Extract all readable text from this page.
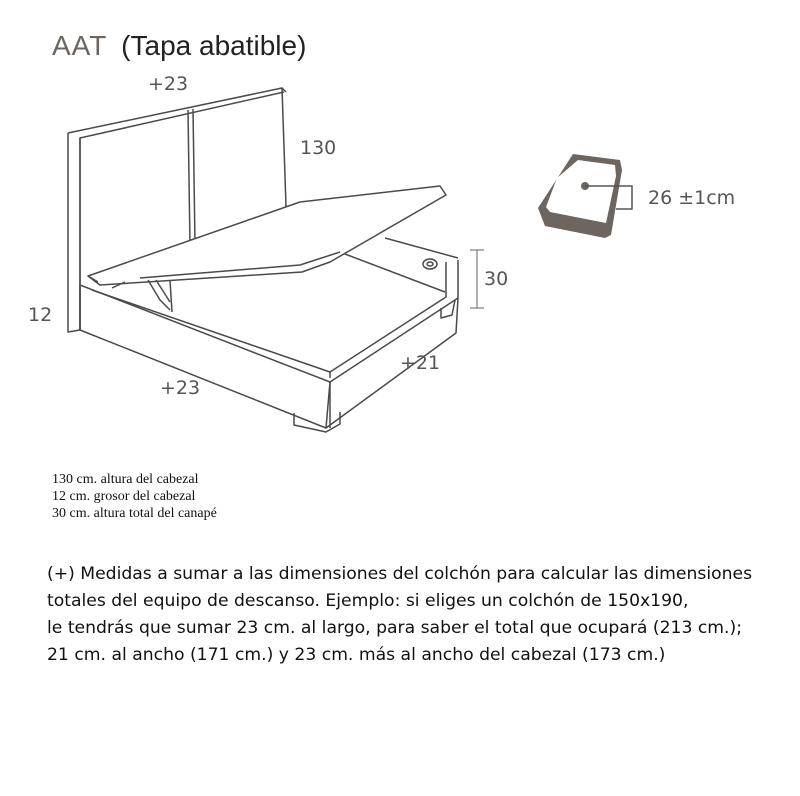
AAT (Tapa abatible)
+23
130
12
30
+21
+23
26 ±1cm
130 cm. altura del cabezal
12 cm. grosor del cabezal
30 cm. altura total del canapé
(+) Medidas a sumar a las dimensiones del colchón para calcular las dimensiones
totales del equipo de descanso. Ejemplo: si eliges un colchón de 150x190,
le tendrás que sumar 23 cm. al largo, para saber el total que ocupará (213 cm.);
21 cm. al ancho (171 cm.) y 23 cm. más al ancho del cabezal (173 cm.)
